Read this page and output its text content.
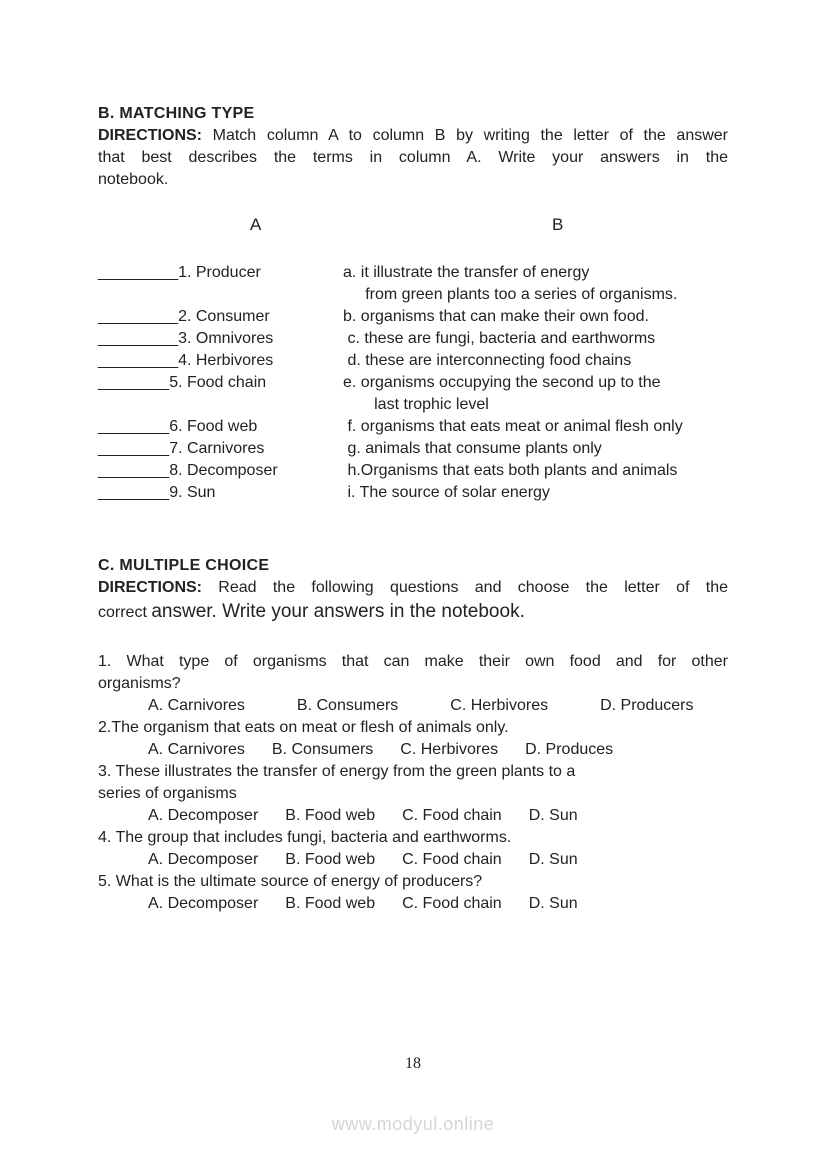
B. MATCHING TYPE
DIRECTIONS: Match column A to column B by writing the letter of the answer
that best describes the terms in column A. Write your answers in the
notebook.
A	B
_________1. Producer	a. it illustrate the transfer of energy
from green plants too a series of organisms.
_________2. Consumer	b. organisms that can make their own food.
_________3. Omnivores	c. these are fungi, bacteria and earthworms
_________4. Herbivores	d. these are interconnecting food chains
________5. Food chain	e. organisms occupying the second up to the
last trophic level
________6. Food web	f. organisms that eats meat or animal flesh only
________7. Carnivores	g. animals that consume plants only
________8. Decomposer	h.Organisms that eats both plants and animals
________9. Sun	i. The source of solar energy
C. MULTIPLE CHOICE
DIRECTIONS: Read the following questions and choose the letter of the
correct answer. Write your answers in the notebook.
1. What type of organisms that can make their own food and for other
organisms?
A. Carnivores	B. Consumers	C. Herbivores	D. Producers
2.The organism that eats on meat or flesh of animals only.
A. Carnivores B. Consumers C. Herbivores D. Produces
3. These illustrates the transfer of energy from the green plants to a
series of organisms
A. Decomposer B. Food web C. Food chain D. Sun
4. The group that includes fungi, bacteria and earthworms.
A. Decomposer B. Food web C. Food chain D. Sun
5. What is the ultimate source of energy of producers?
A. Decomposer B. Food web C. Food chain D. Sun
18
www.modyul.online
